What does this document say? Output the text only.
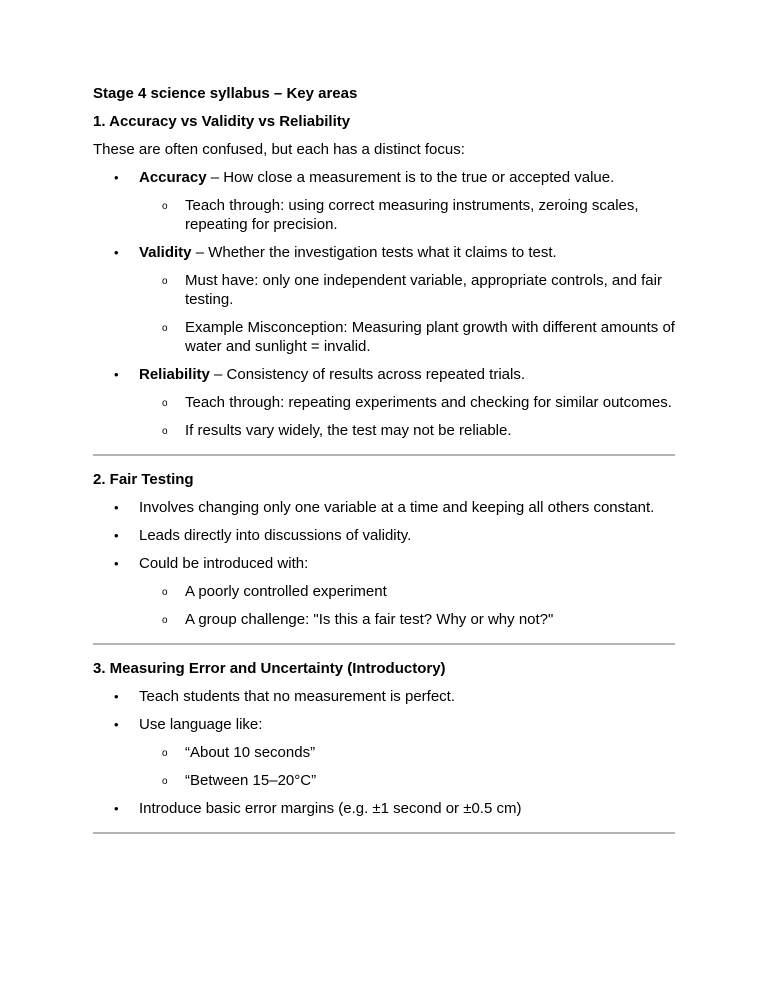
Stage 4 science syllabus – Key areas
1. Accuracy vs Validity vs Reliability
These are often confused, but each has a distinct focus:
• Accuracy – How close a measurement is to the true or accepted value.
o Teach through: using correct measuring instruments, zeroing scales, repeating for precision.
• Validity – Whether the investigation tests what it claims to test.
o Must have: only one independent variable, appropriate controls, and fair testing.
o Example Misconception: Measuring plant growth with different amounts of water and sunlight = invalid.
• Reliability – Consistency of results across repeated trials.
o Teach through: repeating experiments and checking for similar outcomes.
o If results vary widely, the test may not be reliable.
2. Fair Testing
• Involves changing only one variable at a time and keeping all others constant.
• Leads directly into discussions of validity.
• Could be introduced with:
o A poorly controlled experiment
o A group challenge: "Is this a fair test? Why or why not?"
3. Measuring Error and Uncertainty (Introductory)
• Teach students that no measurement is perfect.
• Use language like:
o “About 10 seconds”
o “Between 15–20°C”
• Introduce basic error margins (e.g. ±1 second or ±0.5 cm)
